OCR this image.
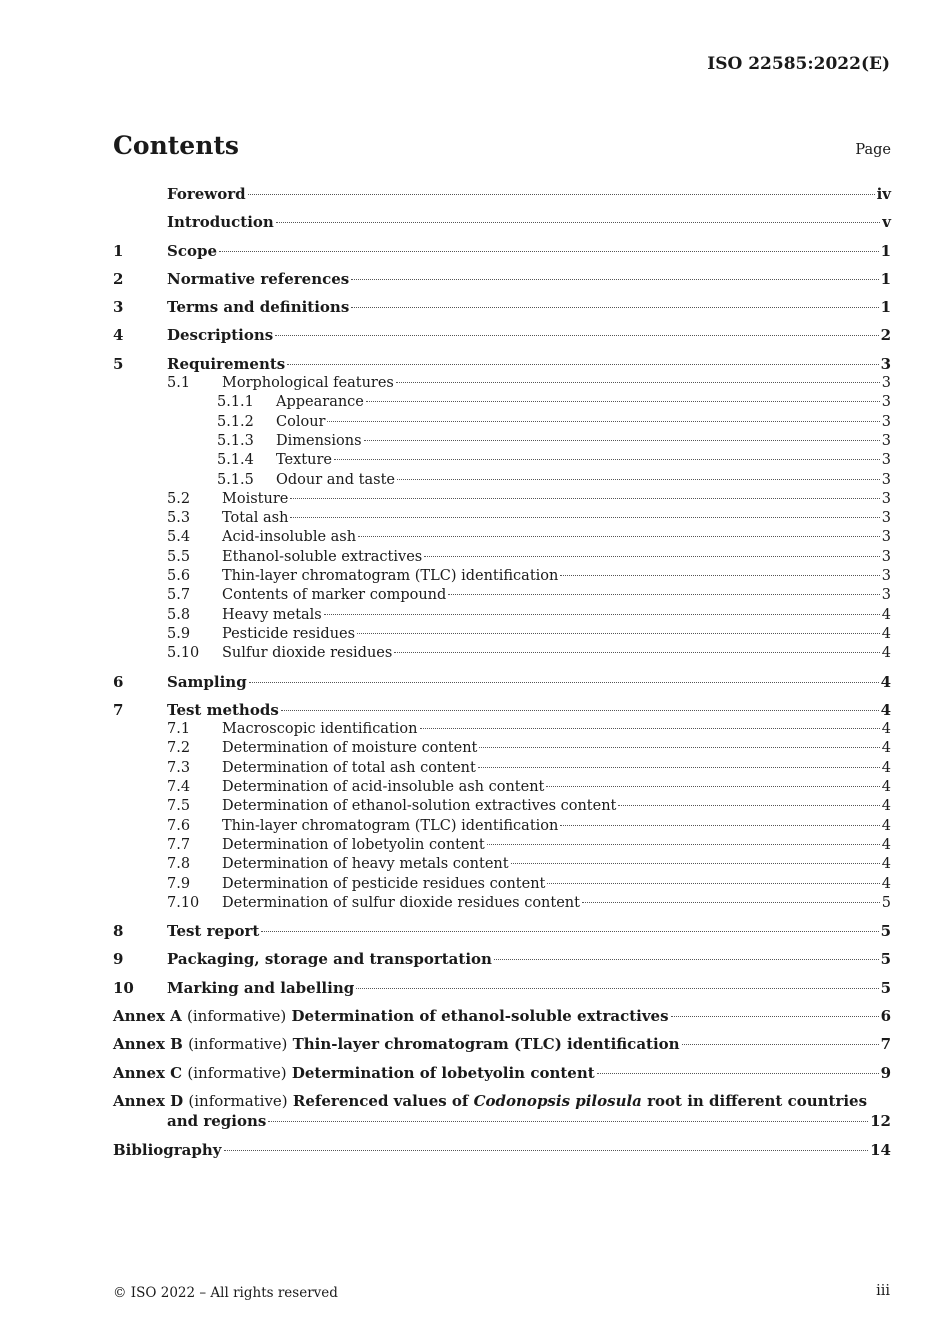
ISO 22585:2022(E)
Contents	Page
Foreword	iv
Introduction	v
1	Scope	1
2	Normative references	1
3	Terms and definitions	1
4	Descriptions	2
5	Requirements	3
5.1 Morphological features	3
5.1.1 Appearance	3
5.1.2 Colour	3
5.1.3 Dimensions	3
5.1.4 Texture	3
5.1.5 Odour and taste	3
5.2 Moisture	3
5.3 Total ash	3
5.4 Acid-insoluble ash	3
5.5 Ethanol-soluble extractives	3
5.6 Thin-layer chromatogram (TLC) identification	3
5.7 Contents of marker compound	3
5.8 Heavy metals	4
5.9 Pesticide residues	4
5.10 Sulfur dioxide residues	4
6	Sampling	4
7	Test methods	4
7.1 Macroscopic identification	4
7.2 Determination of moisture content	4
7.3 Determination of total ash content	4
7.4 Determination of acid-insoluble ash content	4
7.5 Determination of ethanol-solution extractives content	4
7.6 Thin-layer chromatogram (TLC) identification	4
7.7 Determination of lobetyolin content	4
7.8 Determination of heavy metals content	4
7.9 Determination of pesticide residues content	4
7.10 Determination of sulfur dioxide residues content	5
8	Test report	5
9	Packaging, storage and transportation	5
10 Marking and labelling	5
Annex A (informative) Determination of ethanol-soluble extractives	6
Annex B (informative) Thin-layer chromatogram (TLC) identification	7
Annex C (informative) Determination of lobetyolin content	9
Annex D (informative) Referenced values of Codonopsis pilosula root in different countries
and regions	12
Bibliography	14
© ISO 2022 – All rights reserved	iii
